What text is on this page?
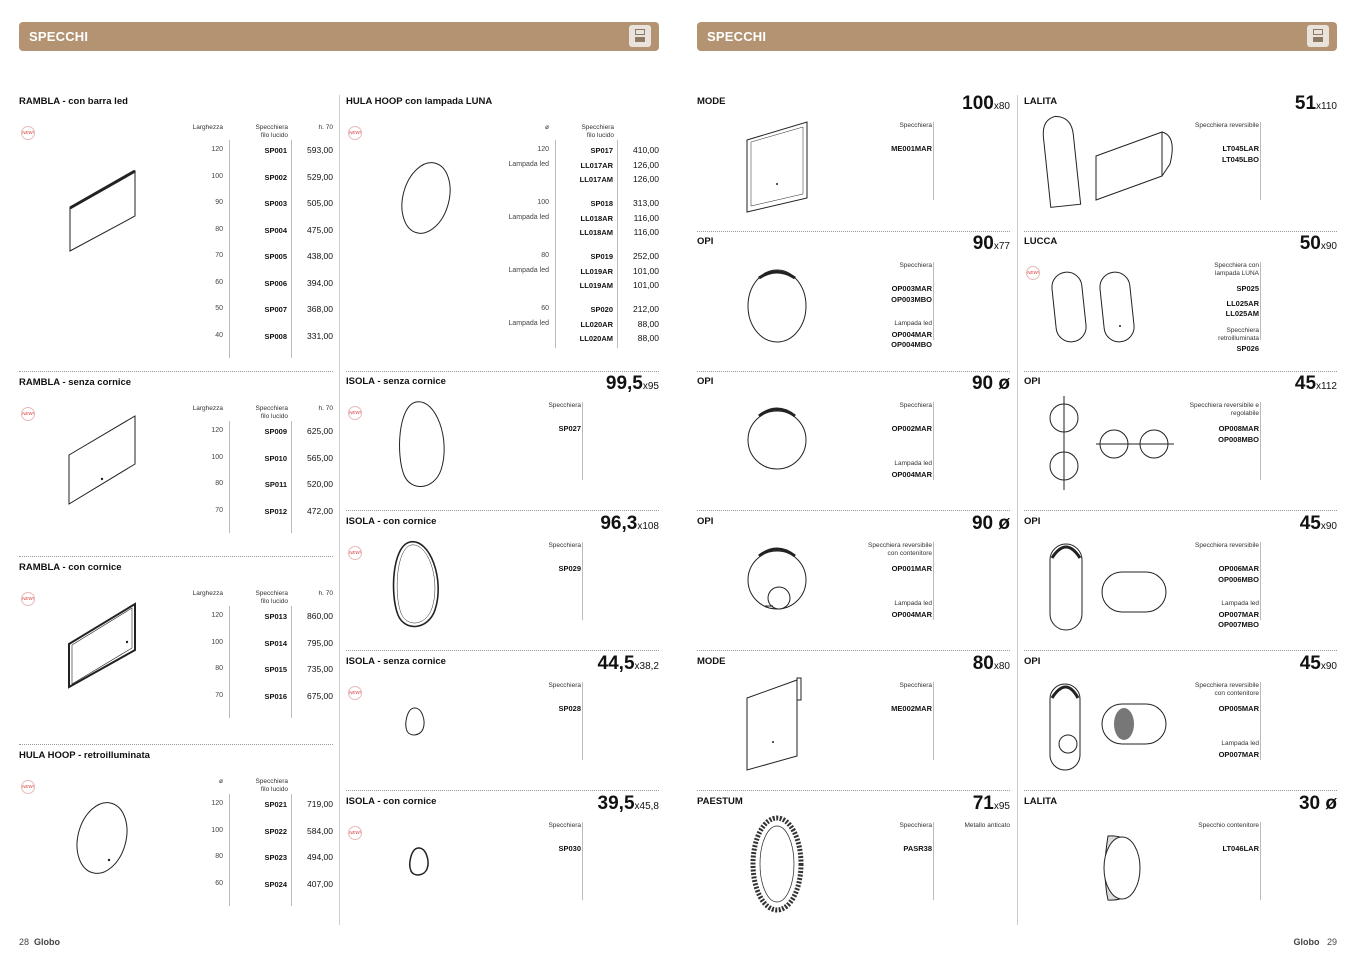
SPECCHI	SPECCHI
RAMBLA - con barra led
NEW!
Larghezza	Specchiera filo lucido
h. 70
120	SP001 593,00
100	SP002 529,00
90	SP003 505,00
80	SP004 475,00
70	SP005 438,00
60	SP006 394,00
50	SP007 368,00
40	SP008 331,00
RAMBLA - senza cornice
NEW!
Larghezza	Specchiera filo lucido
h. 70
120	SP009 625,00
100	SP010 565,00
80	SP011 520,00
70	SP012 472,00
RAMBLA - con cornice
NEW!
Larghezza	Specchiera filo lucido
h. 70
120	SP013 860,00
100	SP014 795,00
80	SP015 735,00
70	SP016 675,00
HULA HOOP - retroilluminata
NEW!
ø	Specchiera filo lucido
120	SP021 719,00
100	SP022 584,00
80	SP023 494,00
60	SP024 407,00
HULA HOOP con lampada LUNA
NEW!
ø	Specchiera filo lucido
120	SP017 410,00
Lampada led	LL017AR 126,00
LL017AM 126,00
100	SP018 313,00
Lampada led	LL018AR 116,00
LL018AM 116,00
80	SP019 252,00
Lampada led	LL019AR 101,00
LL019AM 101,00
60	SP020 212,00
Lampada led	LL020AR	88,00
LL020AM	88,00
ISOLA - senza cornice	99,5x95
NEW!
Specchiera
SP027
ISOLA - con cornice	96,3x108
NEW!
Specchiera
SP029
ISOLA - senza cornice	44,5x38,2
NEW!
Specchiera
SP028
ISOLA - con cornice	39,5x45,8
NEW!
Specchiera
SP030
MODE	100x80
Specchiera
ME001MAR
OPI	90x77
Specchiera
OP003MAR
OP003MBO
Lampada led
OP004MAR
OP004MBO
OPI	90 ø
Specchiera
OP002MAR
Lampada led
OP004MAR
OPI	90 ø
Specchiera reversibile con contenitore
OP001MAR
Lampada led
OP004MAR
MODE	80x80
Specchiera
ME002MAR
PAESTUM	71x95
Specchiera
PASR38
Metallo anticato
LALITA	51x110
Specchiera reversibile
LT045LAR
LT045LBO
LUCCA	50x90
NEW!
Specchiera con lampada LUNA
SP025
LL025AR
LL025AM
Specchiera retroilluminata
SP026
OPI	45x112
Specchiera reversibile e regolabile
OP008MAR
OP008MBO
OPI	45x90
Specchiera reversibile
OP006MAR
OP006MBO
Lampada led
OP007MAR
OP007MBO
OPI	45x90
Specchiera reversibile con contenitore
OP005MAR
Lampada led
OP007MAR
LALITA	30 ø
Specchio contenitore
LT046LAR
28 Globo	Globo 29
